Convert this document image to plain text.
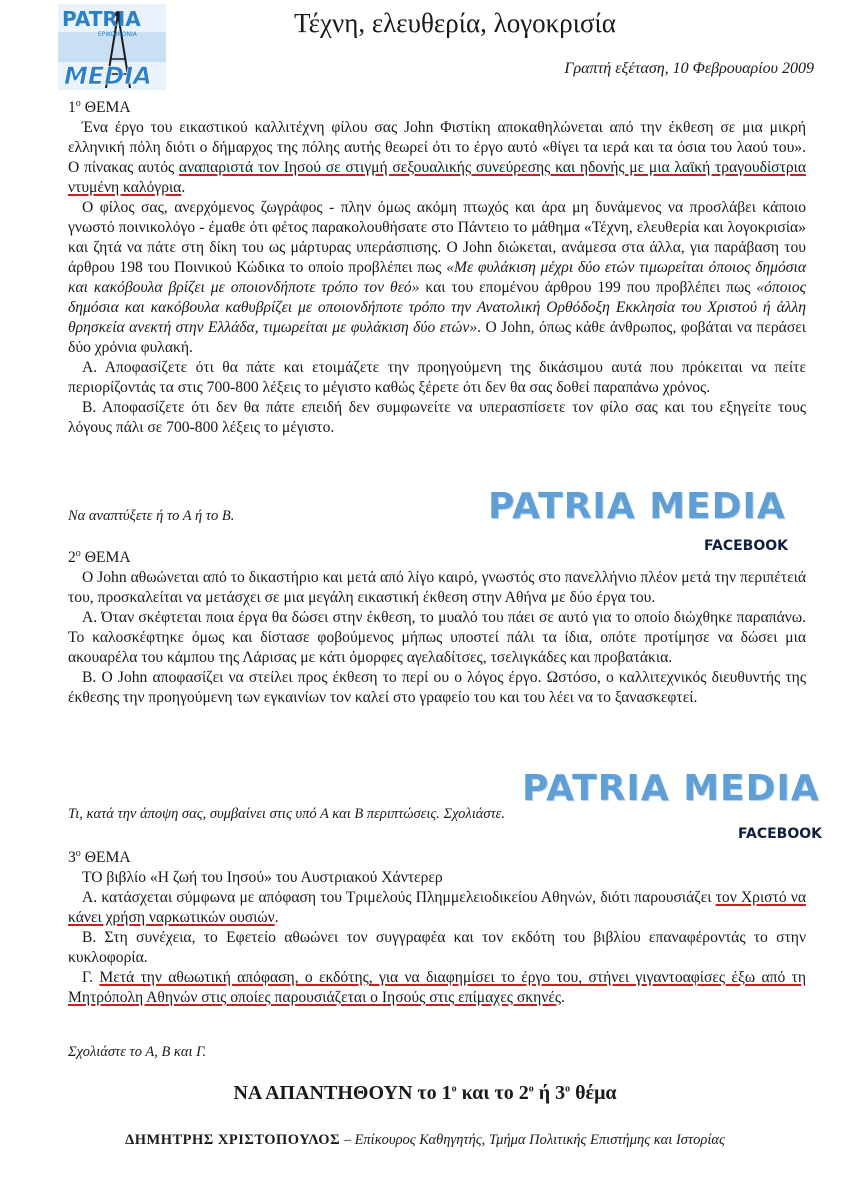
PATRIA
EPIKOINONIA
MEDIA
Τέχνη, ελευθερία, λογοκρισία
Γραπτή εξέταση, 10 Φεβρουαρίου 2009
$1^o$ ΘΕΜΑ

Ένα έργο του εικαστικού καλλιτέχνη φίλου σας John Φιστίκη αποκαθηλώνεται από την έκθεση σε μια μικρή ελληνική πόλη διότι ο δήμαρχος της πόλης αυτής θεωρεί ότι το έργο αυτό «θίγει τα ιερά και τα όσια του λαού του». Ο πίνακας αυτός αναπαριστά τον Ιησού σε στιγμή σεξουαλικής συνεύρεσης και ηδονής με μια λαϊκή τραγουδίστρια ντυμένη καλόγρια.

Ο φίλος σας, ανερχόμενος ζωγράφος - πλην όμως ακόμη πτωχός και άρα μη δυνάμενος να προσλάβει κάποιο γνωστό ποινικολόγο - έμαθε ότι φέτος παρακολουθήσατε στο Πάντειο το μάθημα «Τέχνη, ελευθερία και λογοκρισία» και ζητά να πάτε στη δίκη του ως μάρτυρας υπεράσπισης. Ο John διώκεται, ανάμεσα στα άλλα, για παράβαση του άρθρου 198 του Ποινικού Κώδικα το οποίο προβλέπει πως «Με φυλάκιση μέχρι δύο ετών τιμωρείται όποιος δημόσια και κακόβουλα βρίζει με οποιονδήποτε τρόπο τον θεό» και του επομένου άρθρου 199 που προβλέπει πως «όποιος δημόσια και κακόβουλα καθυβρίζει με οποιονδήποτε τρόπο την Ανατολική Ορθόδοξη Εκκλησία του Χριστού ή άλλη θρησκεία ανεκτή στην Ελλάδα, τιμωρείται με φυλάκιση δύο ετών». Ο John, όπως κάθε άνθρωπος, φοβάται να περάσει δύο χρόνια φυλακή.

Α. Αποφασίζετε ότι θα πάτε και ετοιμάζετε την προηγούμενη της δικάσιμου αυτά που πρόκειται να πείτε περιορίζοντάς τα στις 700-800 λέξεις το μέγιστο καθώς ξέρετε ότι δεν θα σας δοθεί παραπάνω χρόνος.

Β. Αποφασίζετε ότι δεν θα πάτε επειδή δεν συμφωνείτε να υπερασπίσετε τον φίλο σας και του εξηγείτε τους λόγους πάλι σε 700-800 λέξεις το μέγιστο.

Να αναπτύξετε ή το Α ή το Β.	PATRIA MEDIA
FACEBOOK
$2^o$ ΘΕΜΑ

Ο John αθωώνεται από το δικαστήριο και μετά από λίγο καιρό, γνωστός στο πανελλήνιο πλέον μετά την περιπέτειά του, προσκαλείται να μετάσχει σε μια μεγάλη εικαστική έκθεση στην Αθήνα με δύο έργα του.

Α. Όταν σκέφτεται ποια έργα θα δώσει στην έκθεση, το μυαλό του πάει σε αυτό για το οποίο διώχθηκε παραπάνω. Το καλοσκέφτηκε όμως και δίστασε φοβούμενος μήπως υποστεί πάλι τα ίδια, οπότε προτίμησε να δώσει μια ακουαρέλα του κάμπου της Λάρισας με κάτι όμορφες αγελαδίτσες, τσελιγκάδες και προβατάκια.

Β. Ο John αποφασίζει να στείλει προς έκθεση το περί ου ο λόγος έργο. Ωστόσο, ο καλλιτεχνικός διευθυντής της έκθεσης την προηγούμενη των εγκαινίων τον καλεί στο γραφείο του και του λέει να το ξανασκεφτεί.

Τι, κατά την άποψη σας, συμβαίνει στις υπό Α και Β περιπτώσεις. Σχολιάστε.
PATRIA MEDIA
FACEBOOK
$3^o$ ΘΕΜΑ

ΤΟ βιβλίο «Η ζωή του Ιησού» του Αυστριακού Χάντερερ

Α. κατάσχεται σύμφωνα με απόφαση του Τριμελούς Πλημμελειοδικείου Αθηνών, διότι παρουσιάζει τον Χριστό να κάνει χρήση ναρκωτικών ουσιών.

Β. Στη συνέχεια, το Εφετείο αθωώνει τον συγγραφέα και τον εκδότη του βιβλίου επαναφέροντάς το στην κυκλοφορία.

Γ. Μετά την αθωωτική απόφαση, ο εκδότης, για να διαφημίσει το έργο του, στήνει γιγαντοαφίσες έξω από τη Μητρόπολη Αθηνών στις οποίες παρουσιάζεται ο Ιησούς στις επίμαχες σκηνές.

Σχολιάστε το Α, Β και Γ.
ΝΑ ΑΠΑΝΤΗΘΟΥΝ το $1^o$ και το $2^o$ ή $3^o$ θέμα
ΔΗΜΗΤΡΗΣ ΧΡΙΣΤΟΠΟΥΛΟΣ – Επίκουρος Καθηγητής, Τμήμα Πολιτικής Επιστήμης και Ιστορίας
